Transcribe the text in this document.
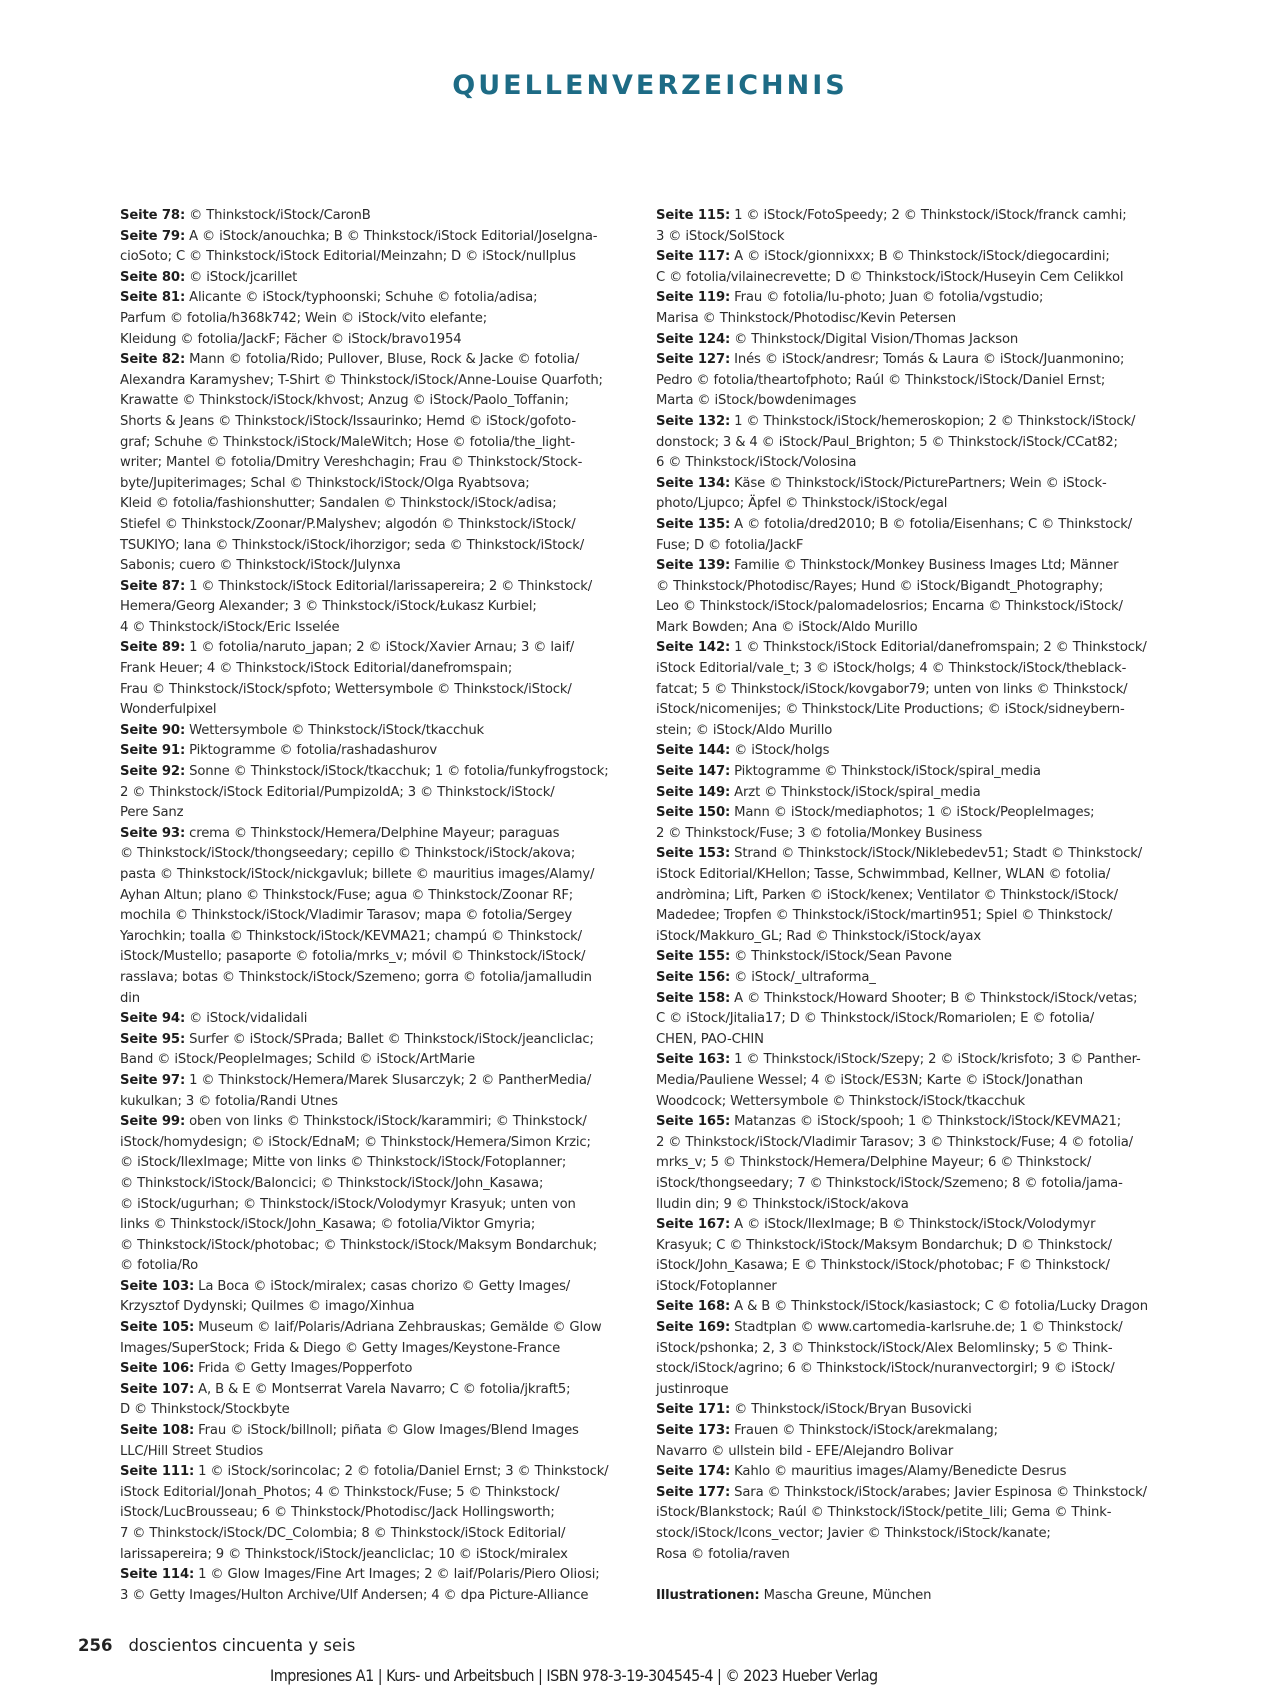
QUELLENVERZEICHNIS
Seite 78: © Thinkstock/iStock/CaronB
Seite 79: A © iStock/anouchka; B © Thinkstock/iStock Editorial/JoseIgna-
cioSoto; C © Thinkstock/iStock Editorial/Meinzahn; D © iStock/nullplus
Seite 80: © iStock/jcarillet
Seite 81: Alicante © iStock/typhoonski; Schuhe © fotolia/adisa;
Parfum © fotolia/h368k742; Wein © iStock/vito elefante;
Kleidung © fotolia/JackF; Fächer © iStock/bravo1954
Seite 82: Mann © fotolia/Rido; Pullover, Bluse, Rock & Jacke © fotolia/
Alexandra Karamyshev; T-Shirt © Thinkstock/iStock/Anne-Louise Quarfoth;
Krawatte © Thinkstock/iStock/khvost; Anzug © iStock/Paolo_Toffanin;
Shorts & Jeans © Thinkstock/iStock/Issaurinko; Hemd © iStock/gofoto-
graf; Schuhe © Thinkstock/iStock/MaleWitch; Hose © fotolia/the_light-
writer; Mantel © fotolia/Dmitry Vereshchagin; Frau © Thinkstock/Stock-
byte/Jupiterimages; Schal © Thinkstock/iStock/Olga Ryabtsova;
Kleid © fotolia/fashionshutter; Sandalen © Thinkstock/iStock/adisa;
Stiefel © Thinkstock/Zoonar/P.Malyshev; algodón © Thinkstock/iStock/
TSUKIYO; lana © Thinkstock/iStock/ihorzigor; seda © Thinkstock/iStock/
Sabonis; cuero © Thinkstock/iStock/Julynxa
Seite 87: 1 © Thinkstock/iStock Editorial/larissapereira; 2 © Thinkstock/
Hemera/Georg Alexander; 3 © Thinkstock/iStock/Łukasz Kurbiel;
4 © Thinkstock/iStock/Eric Isselée
Seite 89: 1 © fotolia/naruto_japan; 2 © iStock/Xavier Arnau; 3 © laif/
Frank Heuer; 4 © Thinkstock/iStock Editorial/danefromspain;
Frau © Thinkstock/iStock/spfoto; Wettersymbole © Thinkstock/iStock/
Wonderfulpixel
Seite 90: Wettersymbole © Thinkstock/iStock/tkacchuk
Seite 91: Piktogramme © fotolia/rashadashurov
Seite 92: Sonne © Thinkstock/iStock/tkacchuk; 1 © fotolia/funkyfrogstock;
2 © Thinkstock/iStock Editorial/PumpizoldA; 3 © Thinkstock/iStock/
Pere Sanz
Seite 93: crema © Thinkstock/Hemera/Delphine Mayeur; paraguas
© Thinkstock/iStock/thongseedary; cepillo © Thinkstock/iStock/akova;
pasta © Thinkstock/iStock/nickgavluk; billete © mauritius images/Alamy/
Ayhan Altun; plano © Thinkstock/Fuse; agua © Thinkstock/Zoonar RF;
mochila © Thinkstock/iStock/Vladimir Tarasov; mapa © fotolia/Sergey
Yarochkin; toalla © Thinkstock/iStock/KEVMA21; champú © Thinkstock/
iStock/Mustello; pasaporte © fotolia/mrks_v; móvil © Thinkstock/iStock/
rasslava; botas © Thinkstock/iStock/Szemeno; gorra © fotolia/jamalludin
din
Seite 94: © iStock/vidalidali
Seite 95: Surfer © iStock/SPrada; Ballet © Thinkstock/iStock/jeancliclac;
Band © iStock/PeopleImages; Schild © iStock/ArtMarie
Seite 97: 1 © Thinkstock/Hemera/Marek Slusarczyk; 2 © PantherMedia/
kukulkan; 3 © fotolia/Randi Utnes
Seite 99: oben von links © Thinkstock/iStock/karammiri; © Thinkstock/
iStock/homydesign; © iStock/EdnaM; © Thinkstock/Hemera/Simon Krzic;
© iStock/IlexImage; Mitte von links © Thinkstock/iStock/Fotoplanner;
© Thinkstock/iStock/Baloncici; © Thinkstock/iStock/John_Kasawa;
© iStock/ugurhan; © Thinkstock/iStock/Volodymyr Krasyuk; unten von
links © Thinkstock/iStock/John_Kasawa; © fotolia/Viktor Gmyria;
© Thinkstock/iStock/photobac; © Thinkstock/iStock/Maksym Bondarchuk;
© fotolia/Ro
Seite 103: La Boca © iStock/miralex; casas chorizo © Getty Images/
Krzysztof Dydynski; Quilmes © imago/Xinhua
Seite 105: Museum © laif/Polaris/Adriana Zehbrauskas; Gemälde © Glow
Images/SuperStock; Frida & Diego © Getty Images/Keystone-France
Seite 106: Frida © Getty Images/Popperfoto
Seite 107: A, B & E © Montserrat Varela Navarro; C © fotolia/jkraft5;
D © Thinkstock/Stockbyte
Seite 108: Frau © iStock/billnoll; piñata © Glow Images/Blend Images
LLC/Hill Street Studios
Seite 111: 1 © iStock/sorincolac; 2 © fotolia/Daniel Ernst; 3 © Thinkstock/
iStock Editorial/Jonah_Photos; 4 © Thinkstock/Fuse; 5 © Thinkstock/
iStock/LucBrousseau; 6 © Thinkstock/Photodisc/Jack Hollingsworth;
7 © Thinkstock/iStock/DC_Colombia; 8 © Thinkstock/iStock Editorial/
larissapereira; 9 © Thinkstock/iStock/jeancliclac; 10 © iStock/miralex
Seite 114: 1 © Glow Images/Fine Art Images; 2 © laif/Polaris/Piero Oliosi;
3 © Getty Images/Hulton Archive/Ulf Andersen; 4 © dpa Picture-Alliance
Seite 115: 1 © iStock/FotoSpeedy; 2 © Thinkstock/iStock/franck camhi;
3 © iStock/SolStock
Seite 117: A © iStock/gionnixxx; B © Thinkstock/iStock/diegocardini;
C © fotolia/vilainecrevette; D © Thinkstock/iStock/Huseyin Cem Celikkol
Seite 119: Frau © fotolia/lu-photo; Juan © fotolia/vgstudio;
Marisa © Thinkstock/Photodisc/Kevin Petersen
Seite 124: © Thinkstock/Digital Vision/Thomas Jackson
Seite 127: Inés © iStock/andresr; Tomás & Laura © iStock/Juanmonino;
Pedro © fotolia/theartofphoto; Raúl © Thinkstock/iStock/Daniel Ernst;
Marta © iStock/bowdenimages
Seite 132: 1 © Thinkstock/iStock/hemeroskopion; 2 © Thinkstock/iStock/
donstock; 3 & 4 © iStock/Paul_Brighton; 5 © Thinkstock/iStock/CCat82;
6 © Thinkstock/iStock/Volosina
Seite 134: Käse © Thinkstock/iStock/PicturePartners; Wein © iStock-
photo/Ljupco; Äpfel © Thinkstock/iStock/egal
Seite 135: A © fotolia/dred2010; B © fotolia/Eisenhans; C © Thinkstock/
Fuse; D © fotolia/JackF
Seite 139: Familie © Thinkstock/Monkey Business Images Ltd; Männer
© Thinkstock/Photodisc/Rayes; Hund © iStock/Bigandt_Photography;
Leo © Thinkstock/iStock/palomadelosrios; Encarna © Thinkstock/iStock/
Mark Bowden; Ana © iStock/Aldo Murillo
Seite 142: 1 © Thinkstock/iStock Editorial/danefromspain; 2 © Thinkstock/
iStock Editorial/vale_t; 3 © iStock/holgs; 4 © Thinkstock/iStock/theblack-
fatcat; 5 © Thinkstock/iStock/kovgabor79; unten von links © Thinkstock/
iStock/nicomenijes; © Thinkstock/Lite Productions; © iStock/sidneybern-
stein; © iStock/Aldo Murillo
Seite 144: © iStock/holgs
Seite 147: Piktogramme © Thinkstock/iStock/spiral_media
Seite 149: Arzt © Thinkstock/iStock/spiral_media
Seite 150: Mann © iStock/mediaphotos; 1 © iStock/PeopleImages;
2 © Thinkstock/Fuse; 3 © fotolia/Monkey Business
Seite 153: Strand © Thinkstock/iStock/Niklebedev51; Stadt © Thinkstock/
iStock Editorial/KHellon; Tasse, Schwimmbad, Kellner, WLAN © fotolia/
andròmina; Lift, Parken © iStock/kenex; Ventilator © Thinkstock/iStock/
Madedee; Tropfen © Thinkstock/iStock/martin951; Spiel © Thinkstock/
iStock/Makkuro_GL; Rad © Thinkstock/iStock/ayax
Seite 155: © Thinkstock/iStock/Sean Pavone
Seite 156: © iStock/_ultraforma_
Seite 158: A © Thinkstock/Howard Shooter; B © Thinkstock/iStock/vetas;
C © iStock/Jitalia17; D © Thinkstock/iStock/RomarioIen; E © fotolia/
CHEN, PAO-CHIN
Seite 163: 1 © Thinkstock/iStock/Szepy; 2 © iStock/krisfoto; 3 © Panther-
Media/Pauliene Wessel; 4 © iStock/ES3N; Karte © iStock/Jonathan
Woodcock; Wettersymbole © Thinkstock/iStock/tkacchuk
Seite 165: Matanzas © iStock/spooh; 1 © Thinkstock/iStock/KEVMA21;
2 © Thinkstock/iStock/Vladimir Tarasov; 3 © Thinkstock/Fuse; 4 © fotolia/
mrks_v; 5 © Thinkstock/Hemera/Delphine Mayeur; 6 © Thinkstock/
iStock/thongseedary; 7 © Thinkstock/iStock/Szemeno; 8 © fotolia/jama-
lludin din; 9 © Thinkstock/iStock/akova
Seite 167: A © iStock/IlexImage; B © Thinkstock/iStock/Volodymyr
Krasyuk; C © Thinkstock/iStock/Maksym Bondarchuk; D © Thinkstock/
iStock/John_Kasawa; E © Thinkstock/iStock/photobac; F © Thinkstock/
iStock/Fotoplanner
Seite 168: A & B © Thinkstock/iStock/kasiastock; C © fotolia/Lucky Dragon
Seite 169: Stadtplan © www.cartomedia-karlsruhe.de; 1 © Thinkstock/
iStock/pshonka; 2, 3 © Thinkstock/iStock/Alex Belomlinsky; 5 © Think-
stock/iStock/agrino; 6 © Thinkstock/iStock/nuranvectorgirl; 9 © iStock/
justinroque
Seite 171: © Thinkstock/iStock/Bryan Busovicki
Seite 173: Frauen © Thinkstock/iStock/arekmalang;
Navarro © ullstein bild - EFE/Alejandro Bolivar
Seite 174: Kahlo © mauritius images/Alamy/Benedicte Desrus
Seite 177: Sara © Thinkstock/iStock/arabes; Javier Espinosa © Thinkstock/
iStock/Blankstock; Raúl © Thinkstock/iStock/petite_lili; Gema © Think-
stock/iStock/Icons_vector; Javier © Thinkstock/iStock/kanate;
Rosa © fotolia/raven
Illustrationen: Mascha Greune, München
256 doscientos cincuenta y seis
Impresiones A1 | Kurs- und Arbeitsbuch | ISBN 978-3-19-304545-4 | © 2023 Hueber Verlag
